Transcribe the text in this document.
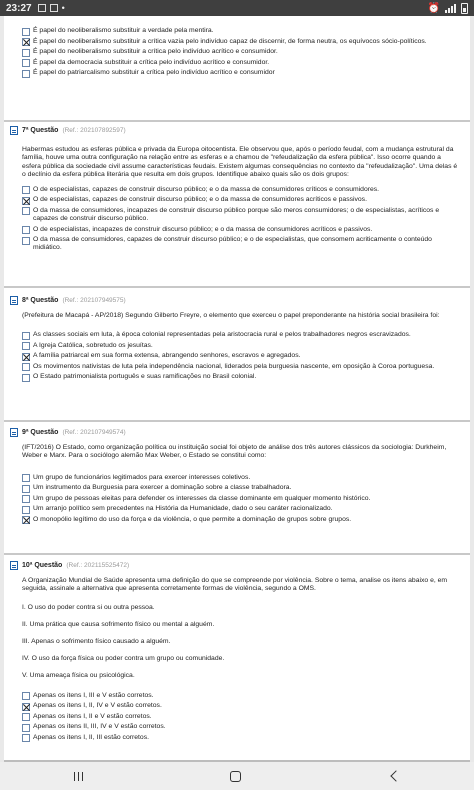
23:27	•	⏰
É papel do neoliberalismo substituir a verdade pela mentira.
É papel do neoliberalismo substituir a crítica vazia pelo indivíduo capaz de discernir, de forma neutra, os equívocos sócio-políticos.
É papel do neoliberalismo substituir a crítica pelo indivíduo acrítico e consumidor.
É papel da democracia substituir a crítica pelo indivíduo acrítico e consumidor.
É papel do patriarcalismo substituir a crítica pelo indivíduo acrítico e consumidor
7ª Questão (Ref.: 202107892597)
Habermas estudou as esferas pública e privada da Europa oitocentista. Ele observou que, após o período feudal, com a mudança estrutural da família, houve uma outra configuração na relação entre as esferas e a chamou de "refeudalização da esfera pública". Isso ocorre quando a esfera pública da sociedade civil assume características feudais. Existem algumas consequências no contexto da "refeudalização". Uma delas é o declínio da esfera pública literária que resulta em dois grupos. Identifique abaixo quais são os dois grupos:
O de especialistas, capazes de construir discurso público; e o da massa de consumidores críticos e consumidores.
O de especialistas, capazes de construir discurso público; e o da massa de consumidores acríticos e passivos.
O da massa de consumidores, incapazes de construir discurso público porque são meros consumidores; o de especialistas, acríticos e capazes de construir discurso público.
O de especialistas, incapazes de construir discurso público; e o da massa de consumidores acríticos e passivos.
O da massa de consumidores, capazes de construir discurso público; e o de especialistas, que consomem acriticamente o conteúdo midiático.
8ª Questão (Ref.: 202107949575)
(Prefeitura de Macapá - AP/2018) Segundo Gilberto Freyre, o elemento que exerceu o papel preponderante na história social brasileira foi:
As classes sociais em luta, à época colonial representadas pela aristocracia rural e pelos trabalhadores negros escravizados.
A Igreja Católica, sobretudo os jesuítas.
A família patriarcal em sua forma extensa, abrangendo senhores, escravos e agregados.
Os movimentos nativistas de luta pela independência nacional, liderados pela burguesia nascente, em oposição à Coroa portuguesa.
O Estado patrimonialista português e suas ramificações no Brasil colonial.
9ª Questão (Ref.: 202107949574)
(IFT/2016) O Estado, como organização política ou instituição social foi objeto de análise dos três autores clássicos da sociologia: Durkheim, Weber e Marx. Para o sociólogo alemão Max Weber, o Estado se constitui como:
Um grupo de funcionários legitimados para exercer interesses coletivos.
Um instrumento da Burguesia para exercer a dominação sobre a classe trabalhadora.
Um grupo de pessoas eleitas para defender os interesses da classe dominante em qualquer momento histórico.
Um arranjo político sem precedentes na História da Humanidade, dado o seu caráter racionalizado.
O monopólio legítimo do uso da força e da violência, o que permite a dominação de grupos sobre grupos.
10ª Questão (Ref.: 202115525472)
A Organização Mundial de Saúde apresenta uma definição do que se compreende por violência. Sobre o tema, analise os itens abaixo e, em seguida, assinale a alternativa que apresenta corretamente formas de violência, segundo a OMS.
I. O uso do poder contra si ou outra pessoa.
II. Uma prática que causa sofrimento físico ou mental a alguém.
III. Apenas o sofrimento físico causado a alguém.
IV. O uso da força física ou poder contra um grupo ou comunidade.
V. Uma ameaça física ou psicológica.
Apenas os itens I, III e V estão corretos.
Apenas os itens I, II, IV e V estão corretos.
Apenas os itens I, II e V estão corretos.
Apenas os itens II, III, IV e V estão corretos.
Apenas os itens I, II, III estão corretos.
